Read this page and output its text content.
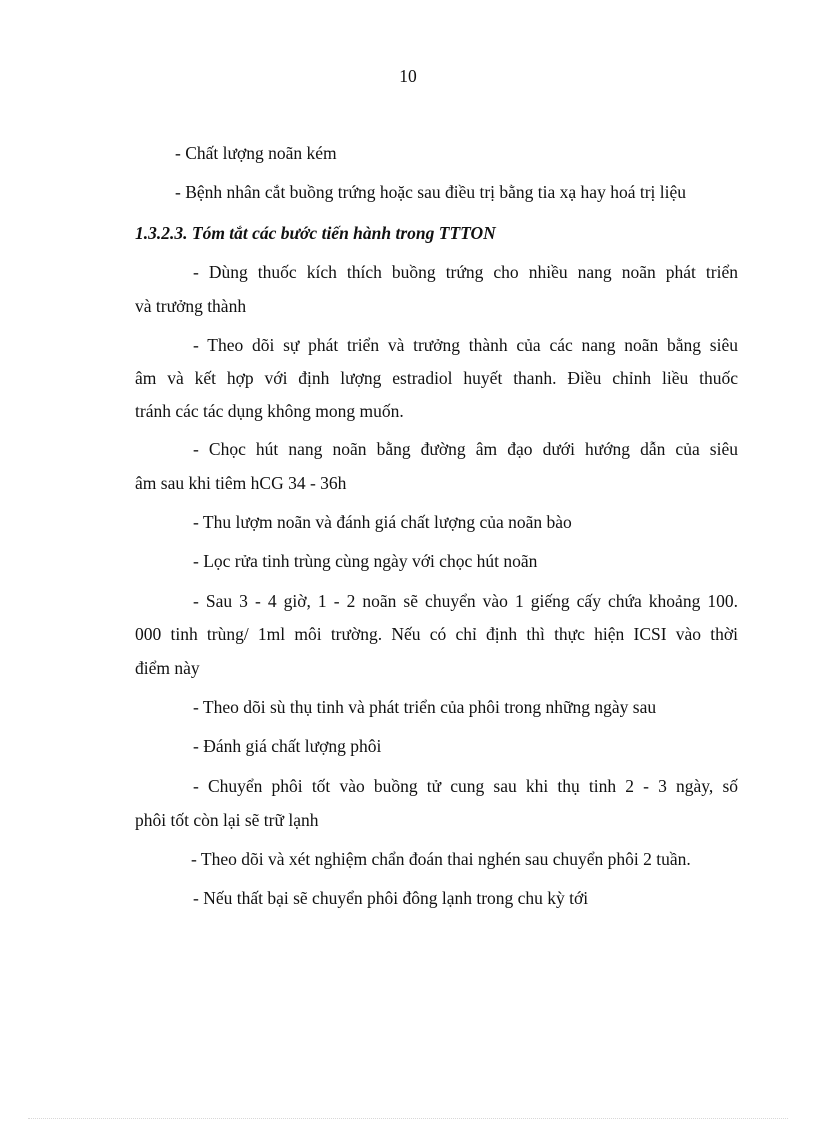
10
- Chất lượng noãn kém
- Bệnh nhân cắt buồng trứng hoặc sau điều trị bằng tia xạ hay hoá trị liệu
1.3.2.3. Tóm tắt các bước tiến hành trong TTTON
- Dùng thuốc kích thích buồng trứng cho nhiều nang noãn phát triển
và trưởng thành
- Theo dõi sự phát triển và trưởng thành của các nang noãn bằng siêu
âm và kết hợp với định lượng estradiol huyết thanh. Điều chỉnh liều thuốc
tránh các tác dụng không mong muốn.
- Chọc hút nang noãn bằng đường âm đạo dưới hướng dẫn của siêu
âm sau khi tiêm hCG 34 - 36h
- Thu lượm noãn và đánh giá chất lượng của noãn bào
- Lọc rửa tinh trùng cùng ngày với chọc hút noãn
- Sau 3 - 4 giờ, 1 - 2 noãn sẽ chuyển vào 1 giếng cấy chứa khoảng 100.
000 tinh trùng/ 1ml môi trường. Nếu có chỉ định thì thực hiện ICSI vào thời
điểm này
- Theo dõi sù thụ tinh và phát triển của phôi trong những ngày sau
- Đánh giá chất lượng phôi
- Chuyển phôi tốt vào buồng tử cung sau khi thụ tinh 2 - 3 ngày, số
phôi tốt còn lại sẽ trữ lạnh
- Theo dõi và xét nghiệm chẩn đoán thai nghén sau chuyển phôi 2 tuần.
- Nếu thất bại sẽ chuyển phôi đông lạnh trong chu kỳ tới
